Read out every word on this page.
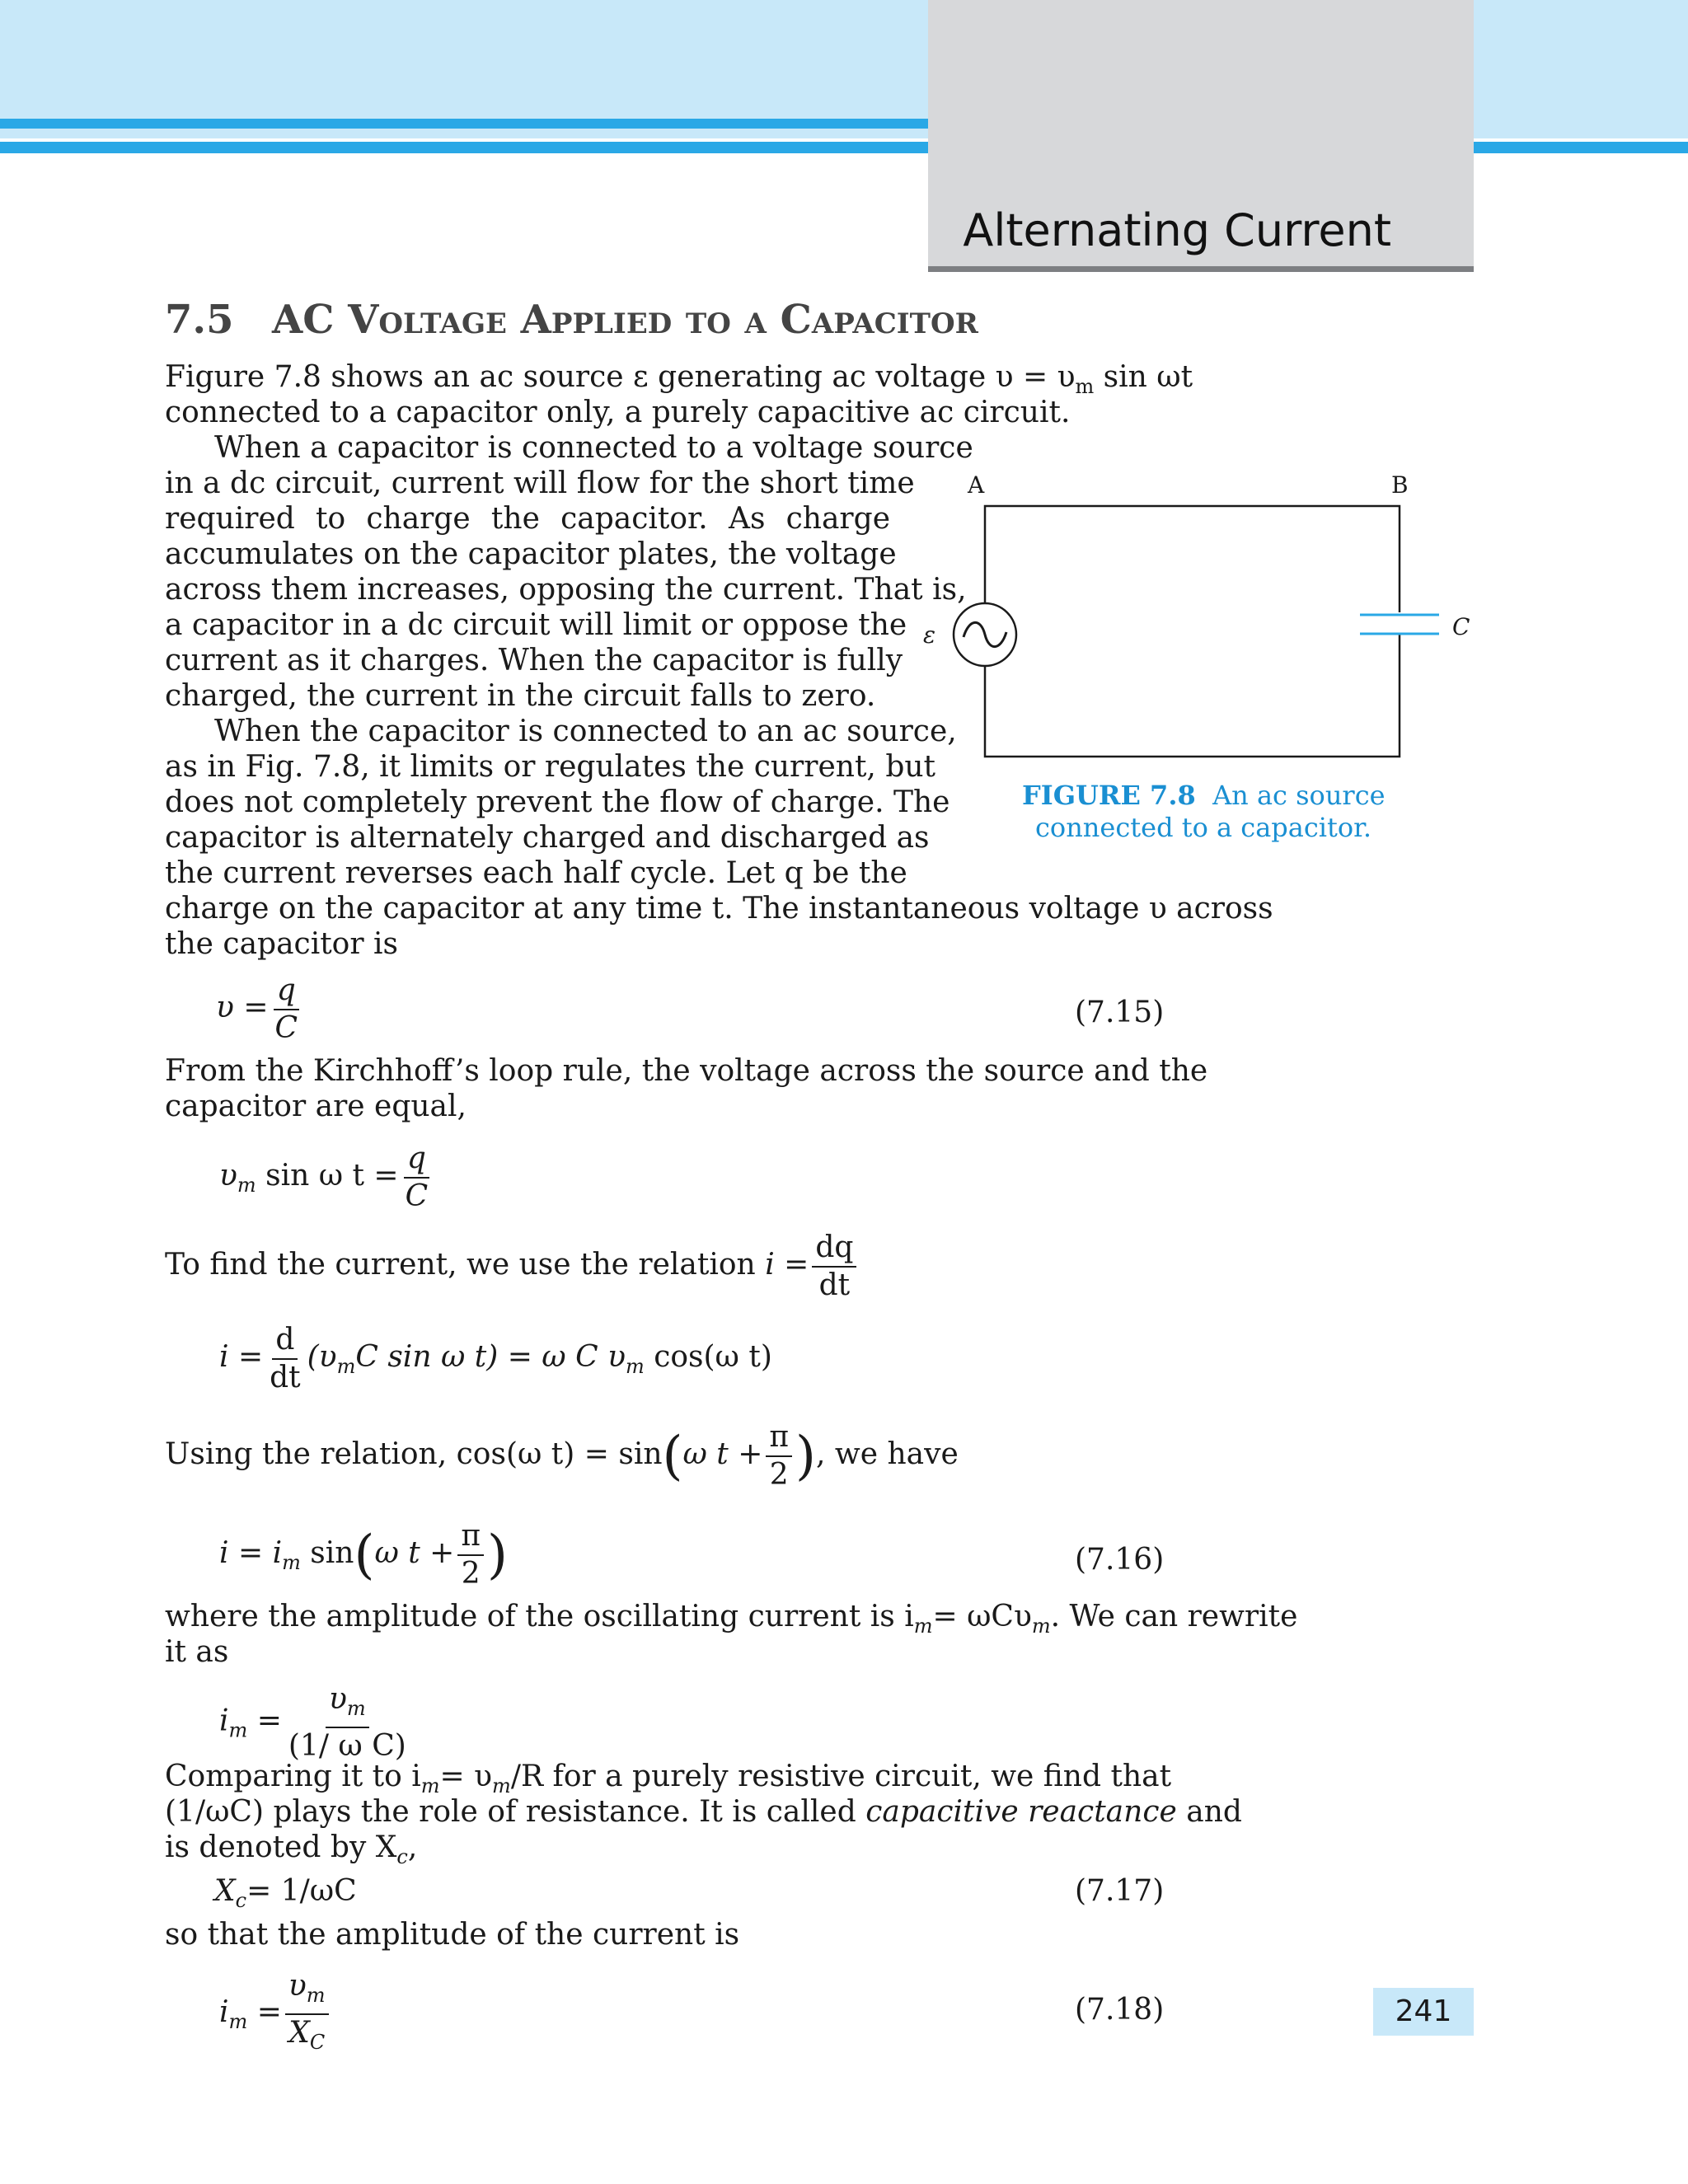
Alternating Current
7.5 AC Voltage Applied to a Capacitor
Figure 7.8 shows an ac source ε generating ac voltage $\upsilon = \upsilon_m$ sin ωt
connected to a capacitor only, a purely capacitive ac circuit.
When a capacitor is connected to a voltage source
in a dc circuit, current will flow for the short time
required to charge the capacitor. As charge
accumulates on the capacitor plates, the voltage
across them increases, opposing the current. That is,
a capacitor in a dc circuit will limit or oppose the
current as it charges. When the capacitor is fully
charged, the current in the circuit falls to zero.
When the capacitor is connected to an ac source,
as in Fig. 7.8, it limits or regulates the current, but
does not completely prevent the flow of charge. The
capacitor is alternately charged and discharged as
the current reverses each half cycle. Let q be the
charge on the capacitor at any time t. The instantaneous voltage υ across
the capacitor is
A	B
ε	C
FIGURE 7.8 An ac source
connected to a capacitor.
$\upsilon = \frac{q}{C}$	(7.15)
From the Kirchhoff’s loop rule, the voltage across the source and the
capacitor are equal,
$\upsilon_m$ sin ω $t = \frac{q}{C}$
To find the current, we use the relation $i = \frac{dq}{dt}$
$i = \frac{d}{dt} (\upsilon_mC$ sin ω t) = ω C $\upsilon_m$ cos(ω t)
Using the relation, cos(ω t) = sin(ω $t + \frac{\pi}{2}$ ), we have
$i = i_m$ sin(ω $t + \frac{\pi}{2}$ )	(7.16)
where the amplitude of the oscillating current is $i_m= \omega C\upsilon_m$. We can rewrite
it as
$i_m = \frac{\upsilon_m}{\text{(1/ ω C)}}$
Comparing it to $i_m= \upsilon_m/R$ for a purely resistive circuit, we find that
(1/ωC) plays the role of resistance. It is called capacitive reactance and
is denoted by $X_c$,
$X_c= 1/\omega C$	(7.17)
so that the amplitude of the current is
$i_m = \frac{\upsilon_m}{X_C}$	(7.18)	241
